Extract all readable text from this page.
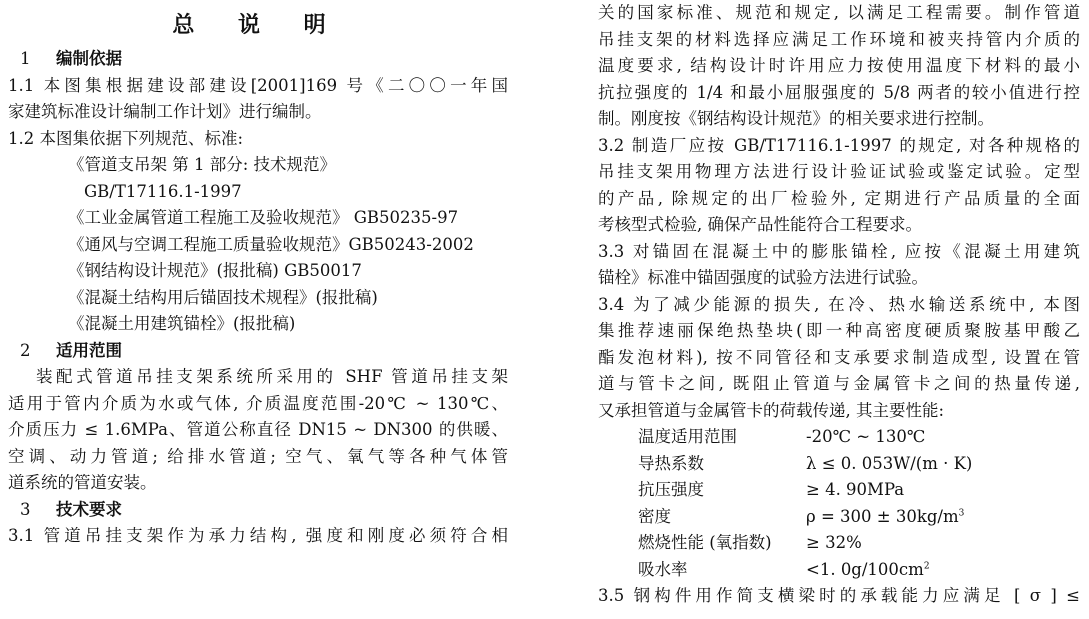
总 说 明
1 编制依据
1.1 本图集根据建设部建设[2001]169 号《二〇〇一年国
家建筑标准设计编制工作计划》进行编制。
1.2 本图集依据下列规范、标准:
《管道支吊架 第 1 部分: 技术规范》
GB/T17116.1-1997
《工业金属管道工程施工及验收规范》 GB50235-97
《通风与空调工程施工质量验收规范》GB50243-2002
《钢结构设计规范》(报批稿) GB50017
《混凝土结构用后锚固技术规程》(报批稿)
《混凝土用建筑锚栓》(报批稿)
2 适用范围
装配式管道吊挂支架系统所采用的 SHF 管道吊挂支架
适用于管内介质为水或气体, 介质温度范围-20℃ ~ 130℃、
介质压力 ≤ 1.6MPa、管道公称直径 DN15 ~ DN300 的供暖、
空调、动力管道; 给排水管道; 空气、氧气等各种气体管
道系统的管道安装。
3 技术要求
3.1 管道吊挂支架作为承力结构, 强度和刚度必须符合相
关的国家标准、规范和规定, 以满足工程需要。制作管道
吊挂支架的材料选择应满足工作环境和被夹持管内介质的
温度要求, 结构设计时许用应力按使用温度下材料的最小
抗拉强度的 1/4 和最小屈服强度的 5/8 两者的较小值进行控
制。刚度按《钢结构设计规范》的相关要求进行控制。
3.2 制造厂应按 GB/T17116.1-1997 的规定, 对各种规格的
吊挂支架用物理方法进行设计验证试验或鉴定试验。定型
的产品, 除规定的出厂检验外, 定期进行产品质量的全面
考核型式检验, 确保产品性能符合工程要求。
3.3 对锚固在混凝土中的膨胀锚栓, 应按《混凝土用建筑
锚栓》标准中锚固强度的试验方法进行试验。
3.4 为了减少能源的损失, 在冷、热水输送系统中, 本图
集推荐速丽保绝热垫块(即一种高密度硬质聚胺基甲酸乙
酯发泡材料), 按不同管径和支承要求制造成型, 设置在管
道与管卡之间, 既阻止管道与金属管卡之间的热量传递,
又承担管道与金属管卡的荷载传递, 其主要性能:
温度适用范围	-20℃ ~ 130℃
导热系数	λ ≤ 0. 053W/(m · K)
抗压强度	≥ 4. 90MPa
密度	$\rho = 300 \pm 30kg/m^3$
燃烧性能 (氧指数) ≥ 32%
吸水率	<1. $0g/100cm^2$
3.5 钢构件用作简支横梁时的承载能力应满足 [ σ ] ≤
